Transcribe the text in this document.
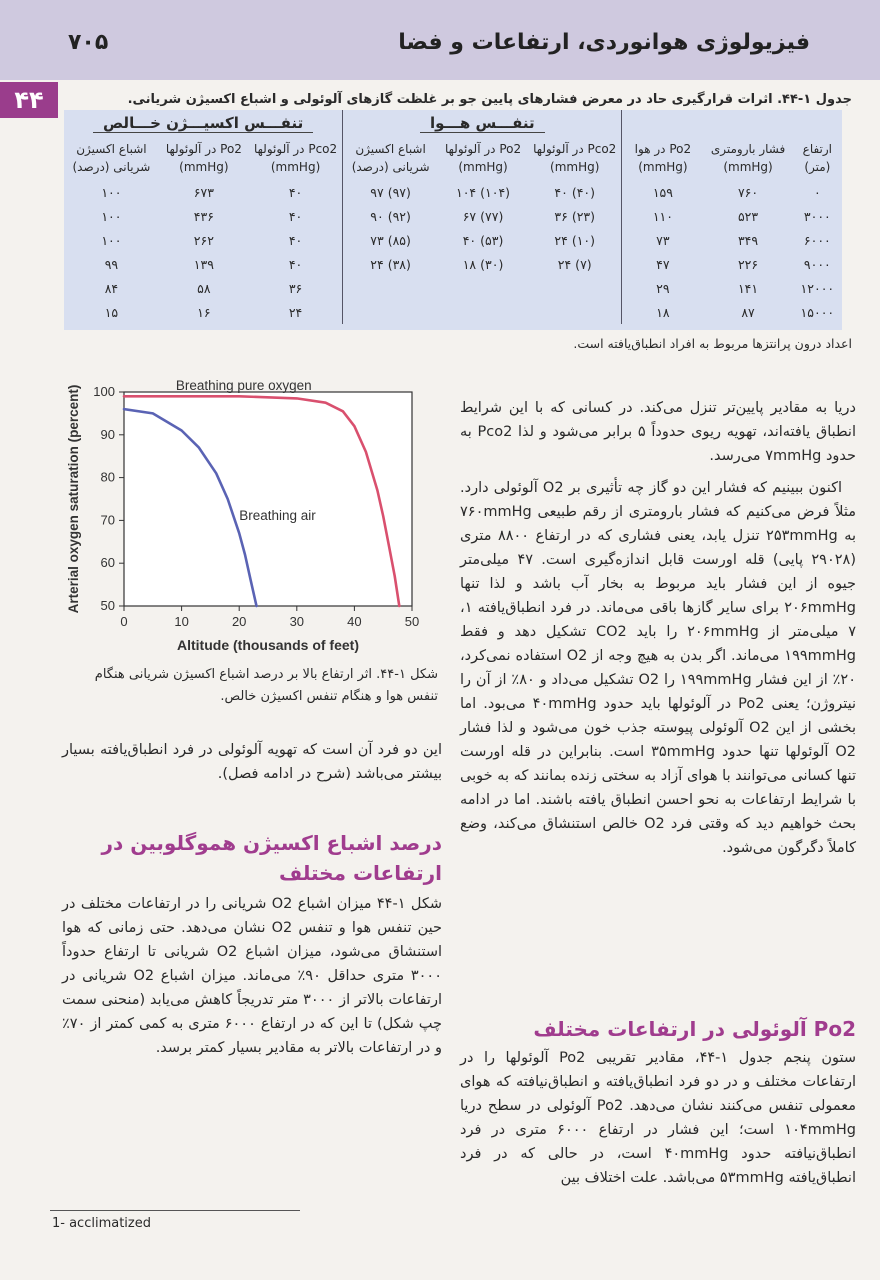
فیزیولوژی هوانوردی، ارتفاعات و فضا
۷۰۵
۴۴	جدول ۱-۴۴. اثرات قرارگیری حاد در معرض فشارهای پایین جو بر غلظت گازهای آلوئولی و اشباع اکسیژن شریانی.
			تنفـــس هـــوا			تنفـــس اکسیـــژن خـــالص		
ارتفاع (متر)	فشار بارومتری (mmHg)	Po2 در هوا (mmHg)	Pco2 در آلوئولها (mmHg)	Po2 در آلوئولها (mmHg)	اشباع اکسیژن شریانی (درصد)	Pco2 در آلوئولها (mmHg)	Po2 در آلوئولها (mmHg)	اشباع اکسیژن شریانی (درصد)
۰	۷۶۰	۱۵۹	(۴۰) ۴۰	(۱۰۴) ۱۰۴	(۹۷) ۹۷	۴۰	۶۷۳	۱۰۰
۳۰۰۰	۵۲۳	۱۱۰	(۲۳) ۳۶	(۷۷) ۶۷	(۹۲) ۹۰	۴۰	۴۳۶	۱۰۰
۶۰۰۰	۳۴۹	۷۳	(۱۰) ۲۴	(۵۳) ۴۰	(۸۵) ۷۳	۴۰	۲۶۲	۱۰۰
۹۰۰۰	۲۲۶	۴۷	(۷) ۲۴	(۳۰) ۱۸	(۳۸) ۲۴	۴۰	۱۳۹	۹۹
۱۲۰۰۰	۱۴۱	۲۹				۳۶	۵۸	۸۴
۱۵۰۰۰	۸۷	۱۸				۲۴	۱۶	۱۵
اعداد درون پرانتزها مربوط به افراد انطباق‌یافته است.
50
60
70
80
90
100
0	10	20	30	40	50
Breathing pure oxygen
Breathing air
Altitude (thousands of feet)
Arterial oxygen saturation (percent)
شکل ۱-۴۴. اثر ارتفاع بالا بر درصد اشباع اکسیژن شریانی هنگام تنفس هوا و هنگام تنفس اکسیژن خالص.

این دو فرد آن است که تهویه آلوئولی در فرد انطباق‌یافته بسیار بیشتر می‌باشد (شرح در ادامه فصل).

درصد اشباع اکسیژن هموگلوبین در ارتفاعات مختلف

شکل ۱-۴۴ میزان اشباع O2 شریانی را در ارتفاعات مختلف در حین تنفس هوا و تنفس O2 نشان می‌دهد. حتی زمانی که هوا استنشاق می‌شود، میزان اشباع O2 شریانی تا ارتفاع حدوداً ۳۰۰۰ متری حداقل ۹۰٪ می‌ماند. میزان اشباع O2 شریانی در ارتفاعات بالاتر از ۳۰۰۰ متر تدریجاً کاهش می‌یابد (منحنی سمت چپ شکل) تا این که در ارتفاع ۶۰۰۰ متری به کمی کمتر از ۷۰٪ و در ارتفاعات بالاتر به مقادیر بسیار کمتر برسد.

دریا به مقادیر پایین‌تر تنزل می‌کند. در کسانی که با این شرایط انطباق یافته‌اند، تهویه ریوی حدوداً ۵ برابر می‌شود و لذا Pco2 به حدود ۷mmHg می‌رسد.

اکنون ببینیم که فشار این دو گاز چه تأثیری بر O2 آلوئولی دارد. مثلاً فرض می‌کنیم که فشار بارومتری از رقم طبیعی ۷۶۰mmHg به ۲۵۳mmHg تنزل یابد، یعنی فشاری که در ارتفاع ۸۸۰۰ متری (۲۹۰۲۸ پایی) قله اورست قابل اندازه‌گیری است. ۴۷ میلی‌متر جیوه از این فشار باید مربوط به بخار آب باشد و لذا تنها ۲۰۶mmHg برای سایر گازها باقی می‌ماند. در فرد انطباق‌یافته ۱، ۷ میلی‌متر از ۲۰۶mmHg را باید CO2 تشکیل دهد و فقط ۱۹۹mmHg می‌ماند. اگر بدن به هیچ وجه از O2 استفاده نمی‌کرد، ۲۰٪ از این فشار ۱۹۹mmHg را O2 تشکیل می‌داد و ۸۰٪ از آن را نیتروژن؛ یعنی Po2 در آلوئولها باید حدود ۴۰mmHg می‌بود. اما بخشی از این O2 آلوئولی پیوسته جذب خون می‌شود و لذا فشار O2 آلوئولها تنها حدود ۳۵mmHg است. بنابراین در قله اورست تنها کسانی می‌توانند با هوای آزاد به سختی زنده بمانند که به خوبی با شرایط ارتفاعات به نحو احسن انطباق یافته باشند. اما در ادامه بحث خواهیم دید که وقتی فرد O2 خالص استنشاق می‌کند، وضع کاملاً دگرگون می‌شود.

Po2 آلوئولی در ارتفاعات مختلف

ستون پنجم جدول ۱-۴۴، مقادیر تقریبی Po2 آلوئولها را در ارتفاعات مختلف و در دو فرد انطباق‌یافته و انطباق‌نیافته که هوای معمولی تنفس می‌کنند نشان می‌دهد. Po2 آلوئولی در سطح دریا ۱۰۴mmHg است؛ این فشار در ارتفاع ۶۰۰۰ متری در فرد انطباق‌نیافته حدود ۴۰mmHg است، در حالی که در فرد انطباق‌یافته ۵۳mmHg می‌باشد. علت اختلاف بین

1- acclimatized
